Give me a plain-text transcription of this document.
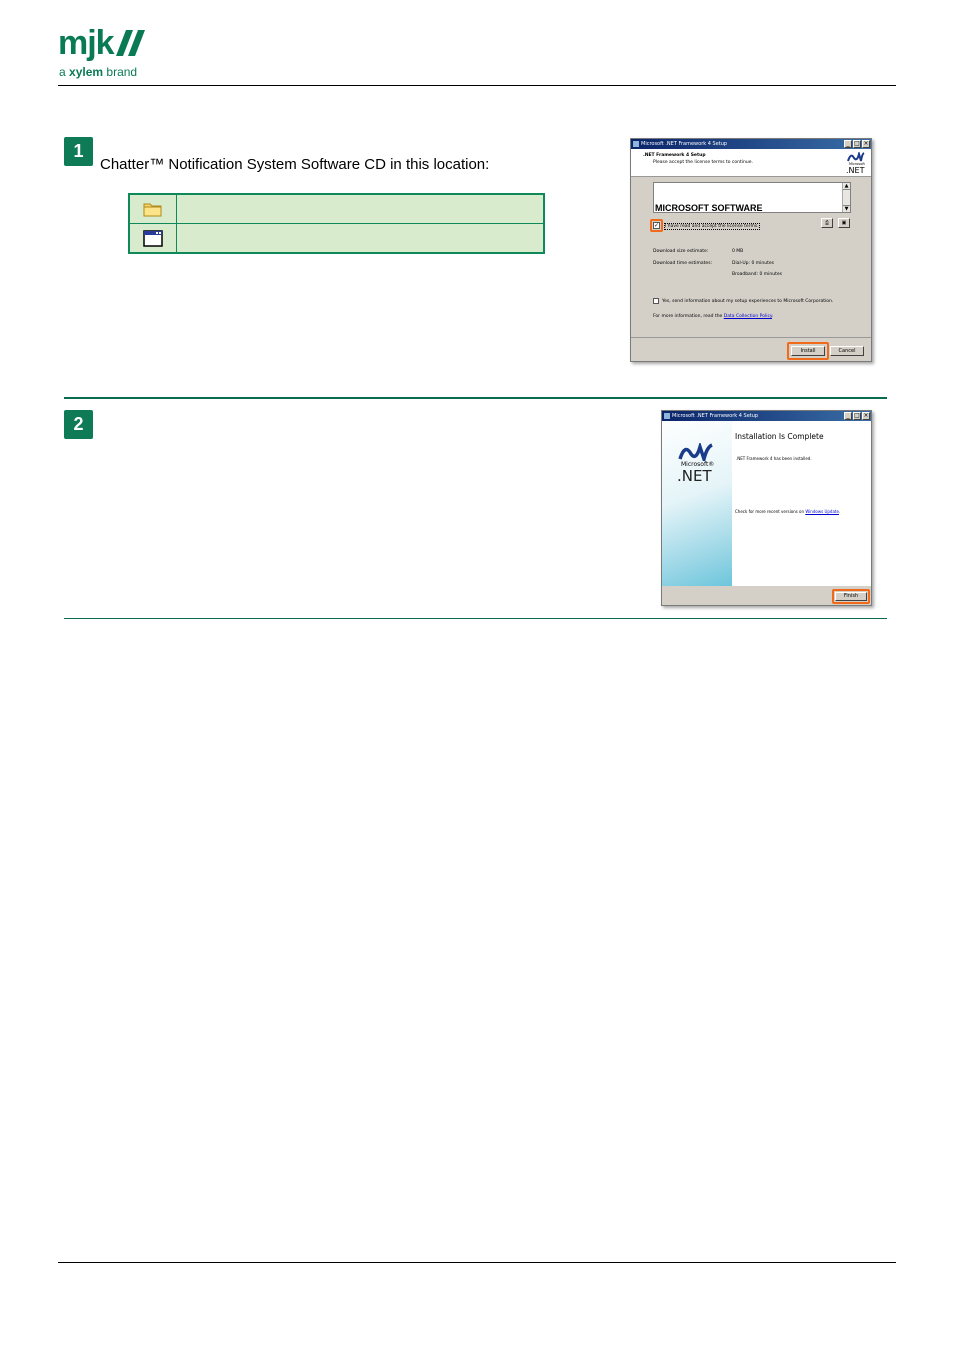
mjk
a xylem brand
1
Chatter™ Notification System Software CD in this location:
Microsoft .NET Framework 4 Setup	_ □ ×
.NET Framework 4 Setup
Please accept the license terms to continue.	Microsoft
.NET
MICROSOFT SOFTWARE
▲
▼
⎙	▣
✓ I have read and accept the license terms.
Download size estimate:	0 MB
Download time estimates:	Dial-Up: 0 minutes
Broadband: 0 minutes
Yes, send information about my setup experiences to Microsoft Corporation.
For more information, read the Data Collection Policy.
Install	Cancel
2	Microsoft .NET Framework 4 Setup	_ □ ×
Microsoft®
.NET
Installation Is Complete
.NET Framework 4 has been installed.
Check for more recent versions on Windows Update.
Finish
